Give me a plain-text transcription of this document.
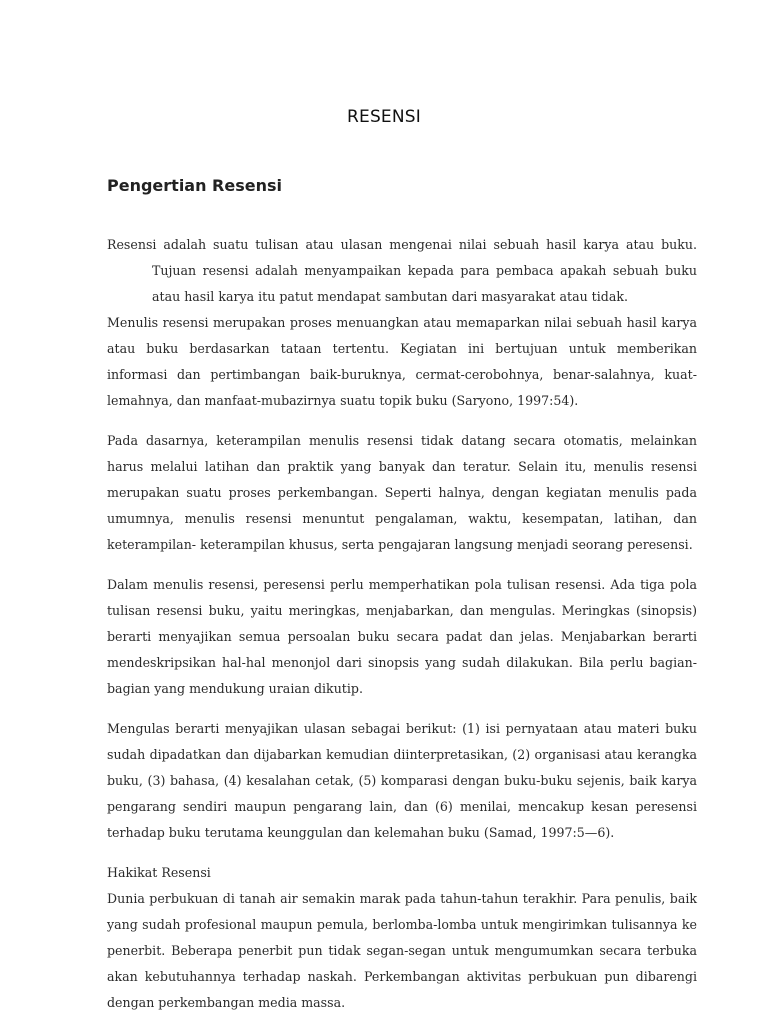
RESENSI
Pengertian Resensi

Resensi adalah suatu tulisan atau ulasan mengenai nilai sebuah hasil karya atau buku. Tujuan resensi adalah menyampaikan kepada para pembaca apakah sebuah buku atau hasil karya itu patut mendapat sambutan dari masyarakat atau tidak.

Menulis resensi merupakan proses menuangkan atau memaparkan nilai sebuah hasil karya atau buku berdasarkan tataan tertentu. Kegiatan ini bertujuan untuk memberikan informasi dan pertimbangan baik-buruknya, cermat-cerobohnya, benar-salahnya, kuat-lemahnya, dan manfaat-mubazirnya suatu topik buku (Saryono, 1997:54).

Pada dasarnya, keterampilan menulis resensi tidak datang secara otomatis, melainkan harus melalui latihan dan praktik yang banyak dan teratur. Selain itu, menulis resensi merupakan suatu proses perkembangan. Seperti halnya, dengan kegiatan menulis pada umumnya, menulis resensi menuntut pengalaman, waktu, kesempatan, latihan, dan keterampilan- keterampilan khusus, serta pengajaran langsung menjadi seorang peresensi.

Dalam menulis resensi, peresensi perlu memperhatikan pola tulisan resensi. Ada tiga pola tulisan resensi buku, yaitu meringkas, menjabarkan, dan mengulas. Meringkas (sinopsis) berarti menyajikan semua persoalan buku secara padat dan jelas. Menjabarkan berarti mendeskripsikan hal-hal menonjol dari sinopsis yang sudah dilakukan. Bila perlu bagian-bagian yang mendukung uraian dikutip.

Mengulas berarti menyajikan ulasan sebagai berikut: (1) isi pernyataan atau materi buku sudah dipadatkan dan dijabarkan kemudian diinterpretasikan, (2) organisasi atau kerangka buku, (3) bahasa, (4) kesalahan cetak, (5) komparasi dengan buku-buku sejenis, baik karya pengarang sendiri maupun pengarang lain, dan (6) menilai, mencakup kesan peresensi terhadap buku terutama keunggulan dan kelemahan buku (Samad, 1997:5—6).

Hakikat Resensi

Dunia perbukuan di tanah air semakin marak pada tahun-tahun terakhir. Para penulis, baik yang sudah profesional maupun pemula, berlomba-lomba untuk mengirimkan tulisannya ke penerbit. Beberapa penerbit pun tidak segan-segan untuk mengumumkan secara terbuka akan kebutuhannya terhadap naskah. Perkembangan aktivitas perbukuan pun dibarengi dengan perkembangan media massa.
